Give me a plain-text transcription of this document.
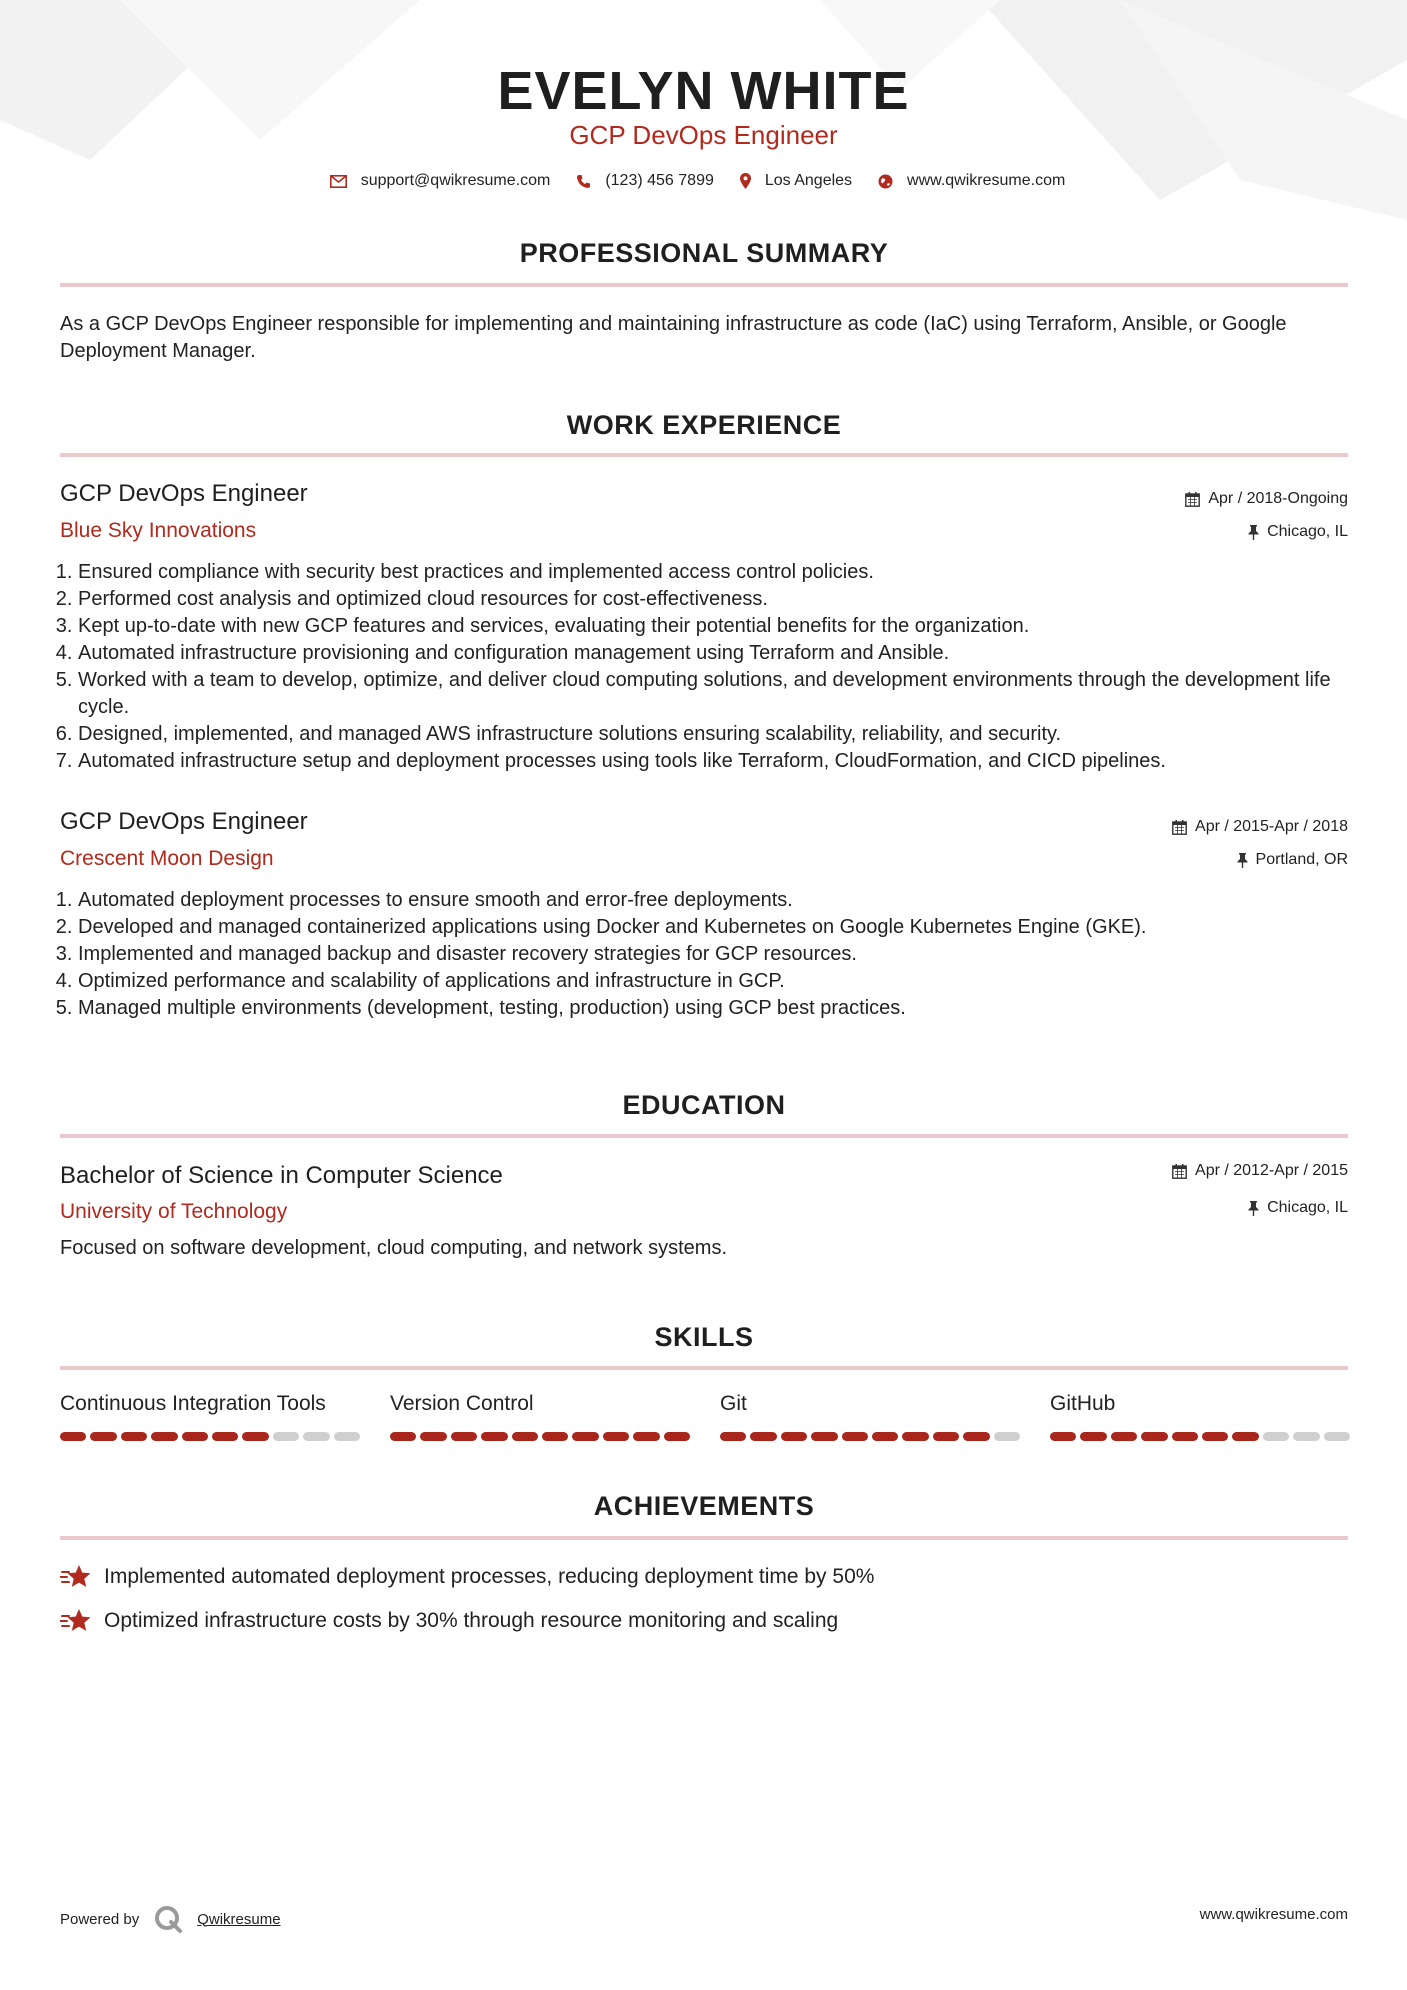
EVELYN WHITE
GCP DevOps Engineer
support@qwikresume.com	(123) 456 7899	Los Angeles	www.qwikresume.com
PROFESSIONAL SUMMARY
As a GCP DevOps Engineer responsible for implementing and maintaining infrastructure as code (IaC) using Terraform, Ansible, or Google Deployment Manager.
WORK EXPERIENCE
GCP DevOps Engineer
Blue Sky Innovations
Apr / 2018-Ongoing
Chicago, IL
1. Ensured compliance with security best practices and implemented access control policies.
2. Performed cost analysis and optimized cloud resources for cost-effectiveness.
3. Kept up-to-date with new GCP features and services, evaluating their potential benefits for the organization.
4. Automated infrastructure provisioning and configuration management using Terraform and Ansible.
5. Worked with a team to develop, optimize, and deliver cloud computing solutions, and development environments through the development life cycle.
6. Designed, implemented, and managed AWS infrastructure solutions ensuring scalability, reliability, and security.
7. Automated infrastructure setup and deployment processes using tools like Terraform, CloudFormation, and CICD pipelines.
GCP DevOps Engineer
Crescent Moon Design
Apr / 2015-Apr / 2018
Portland, OR
1. Automated deployment processes to ensure smooth and error-free deployments.
2. Developed and managed containerized applications using Docker and Kubernetes on Google Kubernetes Engine (GKE).
3. Implemented and managed backup and disaster recovery strategies for GCP resources.
4. Optimized performance and scalability of applications and infrastructure in GCP.
5. Managed multiple environments (development, testing, production) using GCP best practices.
EDUCATION
Bachelor of Science in Computer Science
University of Technology
Apr / 2012-Apr / 2015
Chicago, IL
Focused on software development, cloud computing, and network systems.
SKILLS
Continuous Integration Tools	Version Control	Git	GitHub
ACHIEVEMENTS
Implemented automated deployment processes, reducing deployment time by 50%
Optimized infrastructure costs by 30% through resource monitoring and scaling
Powered by	Qwikresume	www.qwikresume.com
